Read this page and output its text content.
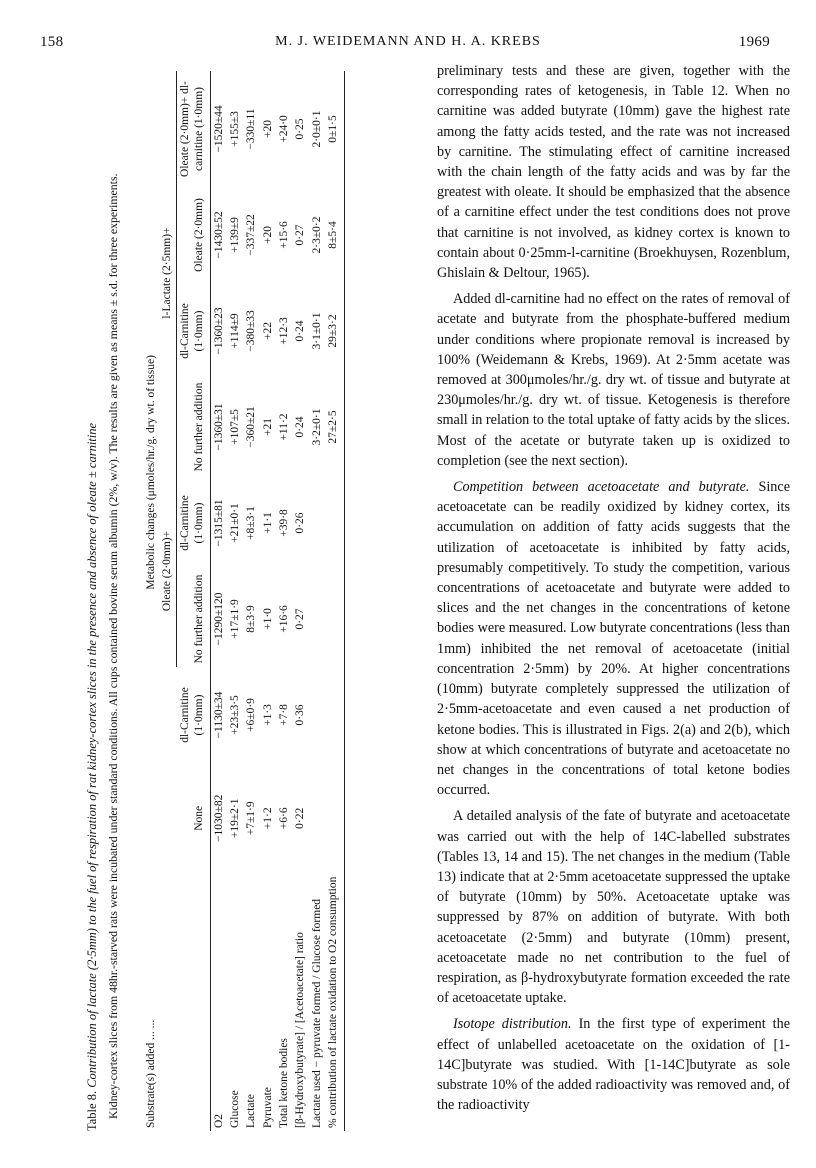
158	M. J. WEIDEMANN AND H. A. KREBS	1969
Table 8. Contribution of lactate (2·5mm) to the fuel of respiration of rat kidney-cortex slices in the presence and absence of oleate ± carnitine Kidney-cortex slices from 48hr.-starved rats were incubated under standard conditions. All cups contained bovine serum albumin (2%, w/v). The results are given as means ± s.d. for three experiments. Substrate(s) added ... ...	Metabolic changes (μmoles/hr./g. dry wt. of tissue)							
			Oleate (2·0mm)+		l-Lactate (2·5mm)+			
	None	dl-Carnitine (1·0mm)	No further addition	dl-Carnitine (1·0mm)	No further addition	dl-Carnitine (1·0mm)	Oleate (2·0mm)	Oleate (2·0mm)+ dl-carnitine (1·0mm)

O2	−1030±82	−1130±34	−1290±120	−1315±81	−1360±31	−1360±23	−1430±52	−1520±44
Glucose	+19±2·1	+23±3·5	+17±1·9	+21±0·1	+107±5	+114±9	+139±9	+155±3
Lactate	+7±1·9	+6±0·9	8±3·9	+8±3·1	−360±21	−380±33	−337±22	−330±11
Pyruvate	+1·2	+1·3	+1·0	+1·1	+21	+22	+20	+20
Total ketone bodies	+6·6	+7·8	+16·6	+39·8	+11·2	+12·3	+15·6	+24·0
[β-Hydroxybutyrate] / [Acetoacetate] ratio	0·22	0·36	0·27	0·26	0·24	0·24	0·27	0·25
Lactate used − pyruvate formed / Glucose formed					3·2±0·1	3·1±0·1	2·3±0·2	2·0±0·1
% contribution of lactate oxidation to O2 consumption					27±2·5	29±3·2	8±5·4	0±1·5

preliminary tests and these are given, together with the corresponding rates of ketogenesis, in Table 12. When no carnitine was added butyrate (10mm) gave the highest rate among the fatty acids tested, and the rate was not increased by carnitine. The stimulating effect of carnitine increased with the chain length of the fatty acids and was by far the greatest with oleate. It should be emphasized that the absence of a carnitine effect under the test conditions does not prove that carnitine is not involved, as kidney cortex is known to contain about 0·25mm-l-carnitine (Broekhuysen, Rozenblum, Ghislain & Deltour, 1965).

Added dl-carnitine had no effect on the rates of removal of acetate and butyrate from the phosphate-buffered medium under conditions where propionate removal is increased by 100% (Weidemann & Krebs, 1969). At 2·5mm acetate was removed at 300μmoles/hr./g. dry wt. of tissue and butyrate at 230μmoles/hr./g. dry wt. of tissue. Ketogenesis is therefore small in relation to the total uptake of fatty acids by the slices. Most of the acetate or butyrate taken up is oxidized to completion (see the next section).

Competition between acetoacetate and butyrate. Since acetoacetate can be readily oxidized by kidney cortex, its accumulation on addition of fatty acids suggests that the utilization of acetoacetate is inhibited by fatty acids, presumably competitively. To study the competition, various concentrations of acetoacetate and butyrate were added to slices and the net changes in the concentrations of ketone bodies were measured. Low butyrate concentrations (less than 1mm) inhibited the net removal of acetoacetate (initial concentration 2·5mm) by 20%. At higher concentrations (10mm) butyrate completely suppressed the utilization of 2·5mm-acetoacetate and even caused a net production of ketone bodies. This is illustrated in Figs. 2(a) and 2(b), which show at which concentrations of butyrate and acetoacetate no net changes in the concentrations of total ketone bodies occurred.

A detailed analysis of the fate of butyrate and acetoacetate was carried out with the help of 14C-labelled substrates (Tables 13, 14 and 15). The net changes in the medium (Table 13) indicate that at 2·5mm acetoacetate suppressed the uptake of butyrate (10mm) by 50%. Acetoacetate uptake was suppressed by 87% on addition of butyrate. With both acetoacetate (2·5mm) and butyrate (10mm) present, acetoacetate made no net contribution to the fuel of respiration, as β-hydroxybutyrate formation exceeded the rate of acetoacetate uptake.

Isotope distribution. In the first type of experiment the effect of unlabelled acetoacetate on the oxidation of [1-14C]butyrate was studied. With [1-14C]butyrate as sole substrate 10% of the added radioactivity was removed and, of the radioactivity
